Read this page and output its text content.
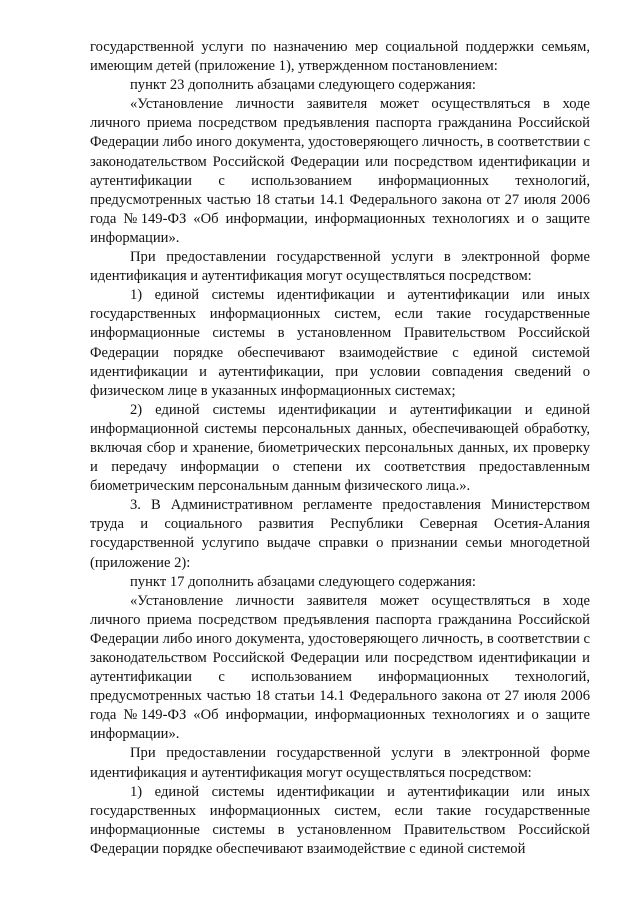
государственной услуги по назначению мер социальной поддержки семьям, имеющим детей (приложение 1), утвержденном постановлением:

пункт 23 дополнить абзацами следующего содержания:

«Установление личности заявителя может осуществляться в ходе личного приема посредством предъявления паспорта гражданина Российской Федерации либо иного документа, удостоверяющего личность, в соответствии с законодательством Российской Федерации или посредством идентификации и аутентификации с использованием информационных технологий, предусмотренных частью 18 статьи 14.1 Федерального закона от 27 июля 2006 года №149-ФЗ «Об информации, информационных технологиях и о защите информации».

При предоставлении государственной услуги в электронной форме идентификация и аутентификация могут осуществляться посредством:

1) единой системы идентификации и аутентификации или иных государственных информационных систем, если такие государственные информационные системы в установленном Правительством Российской Федерации порядке обеспечивают взаимодействие с единой системой идентификации и аутентификации, при условии совпадения сведений о физическом лице в указанных информационных системах;

2) единой системы идентификации и аутентификации и единой информационной системы персональных данных, обеспечивающей обработку, включая сбор и хранение, биометрических персональных данных, их проверку и передачу информации о степени их соответствия предоставленным биометрическим персональным данным физического лица.».

3. В Административном регламенте предоставления Министерством труда и социального развития Республики Северная Осетия-Алания государственной услугипо выдаче справки о признании семьи многодетной (приложение 2):

пункт 17 дополнить абзацами следующего содержания:

«Установление личности заявителя может осуществляться в ходе личного приема посредством предъявления паспорта гражданина Российской Федерации либо иного документа, удостоверяющего личность, в соответствии с законодательством Российской Федерации или посредством идентификации и аутентификации с использованием информационных технологий, предусмотренных частью 18 статьи 14.1 Федерального закона от 27 июля 2006 года №149-ФЗ «Об информации, информационных технологиях и о защите информации».

При предоставлении государственной услуги в электронной форме идентификация и аутентификация могут осуществляться посредством:

1) единой системы идентификации и аутентификации или иных государственных информационных систем, если такие государственные информационные системы в установленном Правительством Российской Федерации порядке обеспечивают взаимодействие с единой системой
